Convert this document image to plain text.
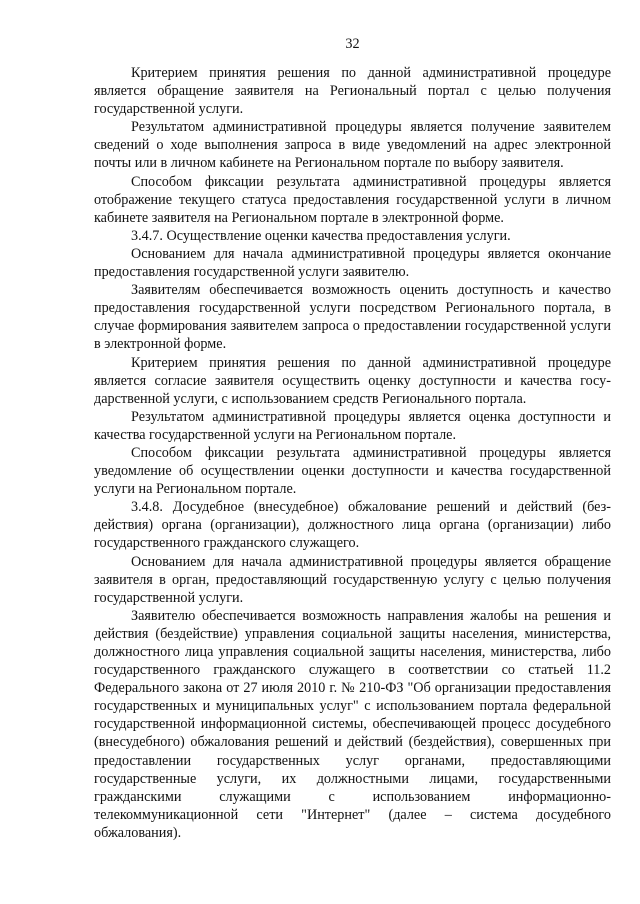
32

Критерием принятия решения по данной административной процедуре является обращение заявителя на Региональный портал с целью получения государственной услуги.

Результатом административной процедуры является получение заявителем сведений о ходе выполнения запроса в виде уведомлений на адрес электронной почты или в личном кабинете на Региональном портале по выбору заявителя.

Способом фиксации результата административной процедуры является отображение текущего статуса предоставления государственной услуги в личном кабинете заявителя на Региональном портале в электронной форме.

3.4.7. Осуществление оценки качества предоставления услуги.

Основанием для начала административной процедуры является окончание предоставления государственной услуги заявителю.

Заявителям обеспечивается возможность оценить доступность и качество предоставления государственной услуги посредством Регионального портала, в случае формирования заявителем запроса о предоставлении государственной услуги в электронной форме.

Критерием принятия решения по данной административной процедуре является согласие заявителя осуществить оценку доступности и качества государственной услуги, с использованием средств Регионального портала.

Результатом административной процедуры является оценка доступности и качества государственной услуги на Региональном портале.

Способом фиксации результата административной процедуры является уведомление об осуществлении оценки доступности и качества государственной услуги на Региональном портале.

3.4.8. Досудебное (внесудебное) обжалование решений и действий (бездействия) органа (организации), должностного лица органа (организации) либо государственного гражданского служащего.

Основанием для начала административной процедуры является обращение заявителя в орган, предоставляющий государственную услугу с целью получения государственной услуги.

Заявителю обеспечивается возможность направления жалобы на решения и действия (бездействие) управления социальной защиты населения, министерства, должностного лица управления социальной защиты населения, министерства, либо государственного гражданского служащего в соответствии со статьей 11.2 Федерального закона от 27 июля 2010 г. № 210-ФЗ "Об организации предоставления государственных и муниципальных услуг" с использованием портала федеральной государственной информационной системы, обеспечивающей процесс досудебного (внесудебного) обжалования решений и действий (бездействия), совершенных при предоставлении государственных услуг органами, предоставляющими государственные услуги, их должностными лицами, государственными гражданскими служащими с использованием информационно-телекоммуникационной сети "Интернет" (далее – система досудебного обжалования).
